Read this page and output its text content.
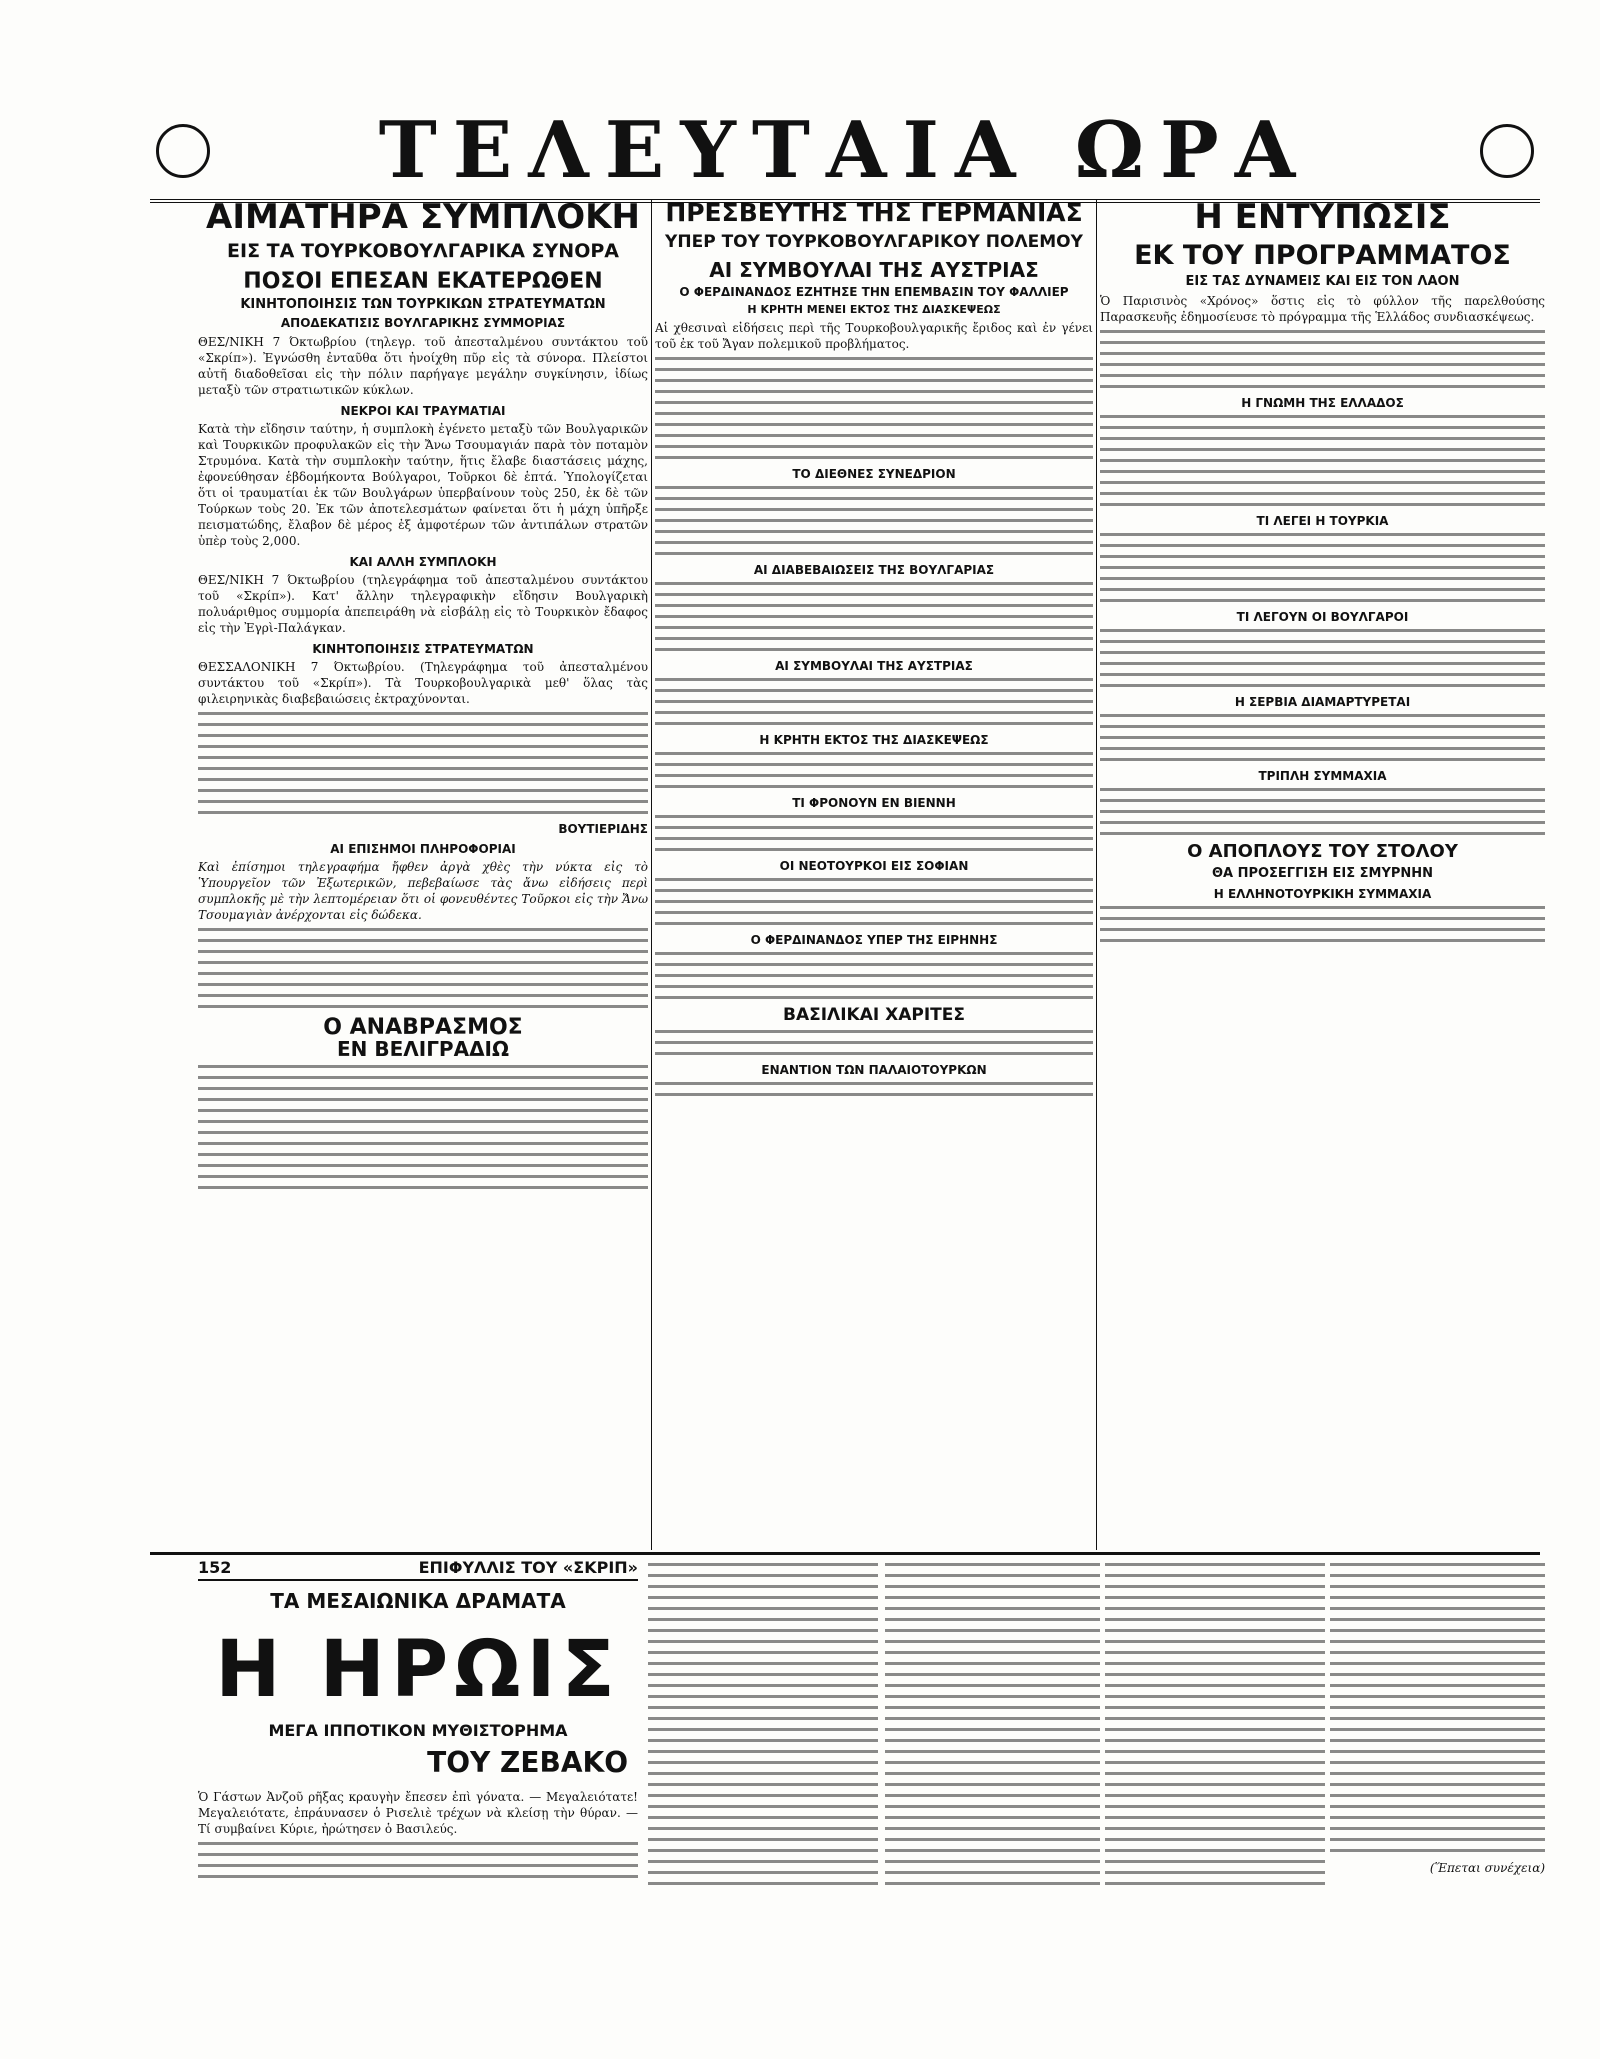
ΤΕΛΕΥΤΑΙΑ ΩΡΑ

ΑΙΜΑΤΗΡΑ ΣΥΜΠΛΟΚΗ

ΕΙΣ ΤΑ ΤΟΥΡΚΟΒΟΥΛΓΑΡΙΚΑ ΣΥΝΟΡΑ

ΠΟΣΟΙ ΕΠΕΣΑΝ ΕΚΑΤΕΡΩΘΕΝ

ΚΙΝΗΤΟΠΟΙΗΣΙΣ ΤΩΝ ΤΟΥΡΚΙΚΩΝ ΣΤΡΑΤΕΥΜΑΤΩΝ

ΑΠΟΔΕΚΑΤΙΣΙΣ ΒΟΥΛΓΑΡΙΚΗΣ ΣΥΜΜΟΡΙΑΣ

ΘΕΣ/ΝΙΚΗ 7 Όκτωβρίου (τηλεγρ. τοῦ ἀπεσταλμένου συντάκτου τοῦ «Σκρίπ»). Ἐγνώσθη ἐνταῦθα ὅτι ἠνοίχθη πῦρ εἰς τὰ σύνορα. Πλείστοι αὐτῆ διαδοθεῖσαι εἰς τὴν πόλιν παρήγαγε μεγάλην συγκίνησιν, ἰδίως μεταξὺ τῶν στρατιωτικῶν κύκλων.

ΝΕΚΡΟΙ ΚΑΙ ΤΡΑΥΜΑΤΙΑΙ

Κατὰ τὴν εἴδησιν ταύτην, ἡ συμπλοκὴ ἐγένετο μεταξὺ τῶν Βουλγαρικῶν καὶ Τουρκικῶν προφυλακῶν εἰς τὴν Ἄνω Τσουμαγιάν παρὰ τὸν ποταμὸν Στρυμόνα. Κατὰ τὴν συμπλοκὴν ταύτην, ἥτις ἔλαβε διαστάσεις μάχης, ἐφονεύθησαν ἑβδομήκοντα Βούλγαροι, Τοῦρκοι δὲ ἑπτά. Ὑπολογίζεται ὅτι οἱ τραυματίαι ἐκ τῶν Βουλγάρων ὑπερβαίνουν τοὺς 250, ἐκ δὲ τῶν Τούρκων τοὺς 20. Ἐκ τῶν ἀποτελεσμάτων φαίνεται ὅτι ἡ μάχη ὑπῆρξε πεισματώδης, ἔλαβον δὲ μέρος ἐξ ἀμφοτέρων τῶν ἀντιπάλων στρατῶν ὑπὲρ τοὺς 2,000.

ΚΑΙ ΑΛΛΗ ΣΥΜΠΛΟΚΗ

ΘΕΣ/ΝΙΚΗ 7 Όκτωβρίου (τηλεγράφημα τοῦ ἀπεσταλμένου συντάκτου τοῦ «Σκρίπ»). Κατ' ἄλλην τηλεγραφικὴν εἴδησιν Βουλγαρικὴ πολυάριθμος συμμορία ἀπεπειράθη νὰ εἰσβάλῃ εἰς τὸ Τουρκικὸν ἔδαφος εἰς τὴν Ἐγρὶ-Παλάγκαν.

ΚΙΝΗΤΟΠΟΙΗΣΙΣ ΣΤΡΑΤΕΥΜΑΤΩΝ

ΘΕΣΣΑΛΟΝΙΚΗ 7 Όκτωβρίου. (Τηλεγράφημα τοῦ ἀπεσταλμένου συντάκτου τοῦ «Σκρίπ»). Τὰ Τουρκοβουλγαρικὰ μεθ' ὅλας τὰς φιλειρηνικὰς διαβεβαιώσεις ἐκτραχύνονται.

ΒΟΥΤΙΕΡΙΔΗΣ

ΑΙ ΕΠΙΣΗΜΟΙ ΠΛΗΡΟΦΟΡΙΑΙ

Καὶ ἐπίσημοι τηλεγραφήμα ἤφθεν ἀργὰ χθὲς τὴν νύκτα εἰς τὸ Ὑπουργεῖον τῶν Ἐξωτερικῶν, πεβεβαίωσε τὰς ἄνω εἰδήσεις περὶ συμπλοκῆς μὲ τὴν λεπτομέρειαν ὅτι οἱ φονευθέντες Τοῦρκοι εἰς τὴν Ἄνω Τσουμαγιὰν ἀνέρχονται εἰς δώδεκα.

Ο ΑΝΑΒΡΑΣΜΟΣ

ΕΝ ΒΕΛΙΓΡΑΔΙΩ

ΠΡΕΣΒΕΥΤΗΣ ΤΗΣ ΓΕΡΜΑΝΙΑΣ

ΥΠΕΡ ΤΟΥ ΤΟΥΡΚΟΒΟΥΛΓΑΡΙΚΟΥ ΠΟΛΕΜΟΥ

ΑΙ ΣΥΜΒΟΥΛΑΙ ΤΗΣ ΑΥΣΤΡΙΑΣ

Ο ΦΕΡΔΙΝΑΝΔΟΣ ΕΖΗΤΗΣΕ ΤΗΝ ΕΠΕΜΒΑΣΙΝ ΤΟΥ ΦΑΛΛΙΕΡ

Η ΚΡΗΤΗ ΜΕΝΕΙ ΕΚΤΟΣ ΤΗΣ ΔΙΑΣΚΕΨΕΩΣ

Αἱ χθεσιναὶ εἰδήσεις περὶ τῆς Τουρκοβουλγαρικῆς ἔριδος καὶ ἐν γένει τοῦ ἐκ τοῦ Ἄγαν πολεμικοῦ προβλήματος.

ΤΟ ΔΙΕΘΝΕΣ ΣΥΝΕΔΡΙΟΝ

ΑΙ ΔΙΑΒΕΒΑΙΩΣΕΙΣ ΤΗΣ ΒΟΥΛΓΑΡΙΑΣ

ΑΙ ΣΥΜΒΟΥΛΑΙ ΤΗΣ ΑΥΣΤΡΙΑΣ

Η ΚΡΗΤΗ ΕΚΤΟΣ ΤΗΣ ΔΙΑΣΚΕΨΕΩΣ

ΤΙ ΦΡΟΝΟΥΝ ΕΝ ΒΙΕΝΝΗ

ΟΙ ΝΕΟΤΟΥΡΚΟΙ ΕΙΣ ΣΟΦΙΑΝ

Ο ΦΕΡΔΙΝΑΝΔΟΣ ΥΠΕΡ ΤΗΣ ΕΙΡΗΝΗΣ

ΒΑΣΙΛΙΚΑΙ ΧΑΡΙΤΕΣ

ΕΝΑΝΤΙΟΝ ΤΩΝ ΠΑΛΑΙΟΤΟΥΡΚΩΝ

Η ΕΝΤΥΠΩΣΙΣ

ΕΚ ΤΟΥ ΠΡΟΓΡΑΜΜΑΤΟΣ

ΕΙΣ ΤΑΣ ΔΥΝΑΜΕΙΣ ΚΑΙ ΕΙΣ ΤΟΝ ΛΑΟΝ

Ὁ Παρισινὸς «Χρόνος» ὅστις εἰς τὸ φύλλον τῆς παρελθούσης Παρασκευῆς ἐδημοσίευσε τὸ πρόγραμμα τῆς Ἑλλάδος συνδιασκέψεως.

Η ΓΝΩΜΗ ΤΗΣ ΕΛΛΑΔΟΣ

ΤΙ ΛΕΓΕΙ Η ΤΟΥΡΚΙΑ

ΤΙ ΛΕΓΟΥΝ ΟΙ ΒΟΥΛΓΑΡΟΙ

Η ΣΕΡΒΙΑ ΔΙΑΜΑΡΤΥΡΕΤΑΙ

ΤΡΙΠΛΗ ΣΥΜΜΑΧΙΑ

Ο ΑΠΟΠΛΟΥΣ ΤΟΥ ΣΤΟΛΟΥ

ΘΑ ΠΡΟΣΕΓΓΙΣΗ ΕΙΣ ΣΜΥΡΝΗΝ

Η ΕΛΛΗΝΟΤΟΥΡΚΙΚΗ ΣΥΜΜΑΧΙΑ

152	ΕΠΙΦΥΛΛΙΣ ΤΟΥ «ΣΚΡΙΠ»
ΤΑ ΜΕΣΑΙΩΝΙΚΑ ΔΡΑΜΑΤΑ
Η ΗΡΩΙΣ
ΜΕΓΑ ΙΠΠΟΤΙΚΟΝ ΜΥΘΙΣΤΟΡΗΜΑ
ΤΟΥ ΖΕΒΑΚΟ

Ὁ Γάστων Ἀνζοῦ ρῆξας κραυγὴν ἔπεσεν ἐπὶ γόνατα. — Μεγαλειότατε! Μεγαλειότατε, ἐπράυνασεν ὁ Ρισελιὲ τρέχων νὰ κλείσῃ τὴν θύραν. — Τί συμβαίνει Κύριε, ἠρώτησεν ὁ Βασιλεύς.

(Ἕπεται συνέχεια)
